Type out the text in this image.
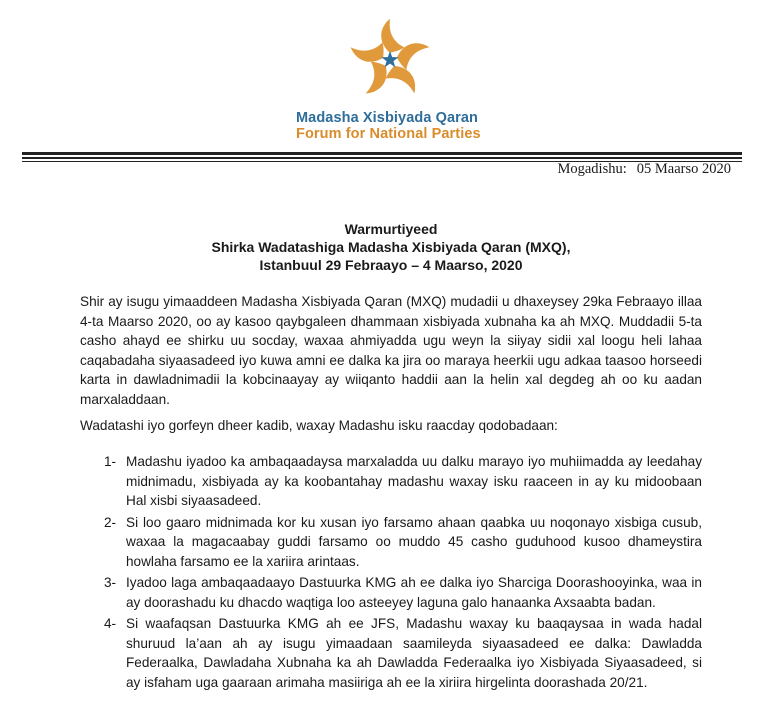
Madasha Xisbiyada Qaran
Forum for National Parties
Mogadishu: 05 Maarso 2020
Warmurtiyeed
Shirka Wadatashiga Madasha Xisbiyada Qaran (MXQ),
Istanbuul 29 Febraayo – 4 Maarso, 2020
Shir ay isugu yimaaddeen Madasha Xisbiyada Qaran (MXQ) mudadii u dhaxeysey 29ka Febraayo illaa 4-ta Maarso 2020, oo ay kasoo qaybgaleen dhammaan xisbiyada xubnaha ka ah MXQ. Muddadii 5-ta casho ahayd ee shirku uu socday, waxaa ahmiyadda ugu weyn la siiyay sidii xal loogu heli lahaa caqabadaha siyaasadeed iyo kuwa amni ee dalka ka jira oo maraya heerkii ugu adkaa taasoo horseedi karta in dawladnimadii la kobcinaayay ay wiiqanto haddii aan la helin xal degdeg ah oo ku aadan marxaladdaan.
Wadatashi iyo gorfeyn dheer kadib, waxay Madashu isku raacday qodobadaan:
1- Madashu iyadoo ka ambaqaadaysa marxaladda uu dalku marayo iyo muhiimadda ay leedahay midnimadu, xisbiyada ay ka koobantahay madashu waxay isku raaceen in ay ku midoobaan Hal xisbi siyaasadeed.
2- Si loo gaaro midnimada kor ku xusan iyo farsamo ahaan qaabka uu noqonayo xisbiga cusub, waxaa la magacaabay guddi farsamo oo muddo 45 casho guduhood kusoo dhameystira howlaha farsamo ee la xariira arintaas.
3- Iyadoo laga ambaqaadaayo Dastuurka KMG ah ee dalka iyo Sharciga Doorashooyinka, waa in ay doorashadu ku dhacdo waqtiga loo asteeyey laguna galo hanaanka Axsaabta badan.
4- Si waafaqsan Dastuurka KMG ah ee JFS, Madashu waxay ku baaqaysaa in wada hadal shuruud la’aan ah ay isugu yimaadaan saamileyda siyaasadeed ee dalka: Dawladda Federaalka, Dawladaha Xubnaha ka ah Dawladda Federaalka iyo Xisbiyada Siyaasadeed, si ay isfaham uga gaaraan arimaha masiiriga ah ee la xiriira hirgelinta doorashada 20/21.
